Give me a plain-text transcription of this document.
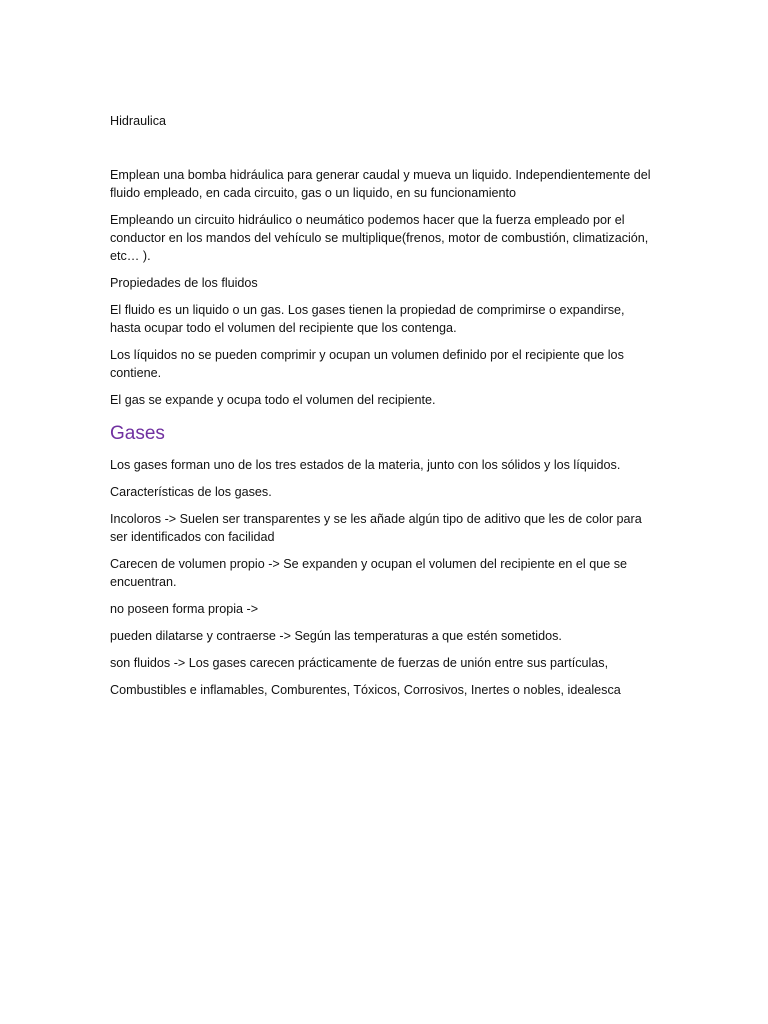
Hidraulica

Emplean una bomba hidráulica para generar caudal y mueva un liquido. Independientemente del fluido empleado, en cada circuito, gas o un liquido, en su funcionamiento

Empleando un circuito hidráulico o neumático podemos hacer que la fuerza empleado por el conductor en los mandos del vehículo se multiplique(frenos, motor de combustión, climatización, etc… ).

Propiedades de los fluidos

El fluido es un liquido o un gas. Los gases tienen la propiedad de comprimirse o expandirse, hasta ocupar todo el volumen del recipiente que los contenga.

Los líquidos no se pueden comprimir y ocupan un volumen definido por el recipiente que los contiene.

El gas se expande y ocupa todo el volumen del recipiente.

Gases

Los gases forman uno de los tres estados de la materia, junto con los sólidos y los líquidos.

Características de los gases.

Incoloros -> Suelen ser transparentes y se les añade algún tipo de aditivo que les de color para ser identificados con facilidad

Carecen de volumen propio -> Se expanden y ocupan el volumen del recipiente en el que se encuentran.

no poseen forma propia ->

pueden dilatarse y contraerse -> Según las temperaturas a que estén sometidos.

son fluidos -> Los gases carecen prácticamente de fuerzas de unión entre sus partículas,

Combustibles e inflamables, Comburentes, Tóxicos, Corrosivos, Inertes o nobles, idealesca
